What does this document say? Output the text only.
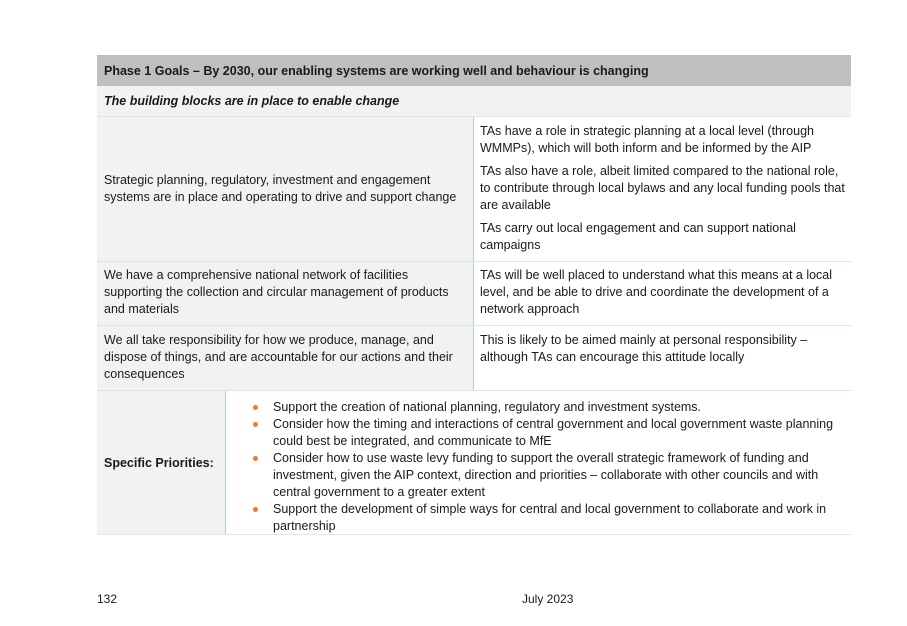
Phase 1 Goals – By 2030, our enabling systems are working well and behaviour is changing
The building blocks are in place to enable change
Strategic planning, regulatory, investment and engagement systems are in place and operating to drive and support change

TAs have a role in strategic planning at a local level (through WMMPs), which will both inform and be informed by the AIP

TAs also have a role, albeit limited compared to the national role, to contribute through local bylaws and any local funding pools that are available

TAs carry out local engagement and can support national campaigns

We have a comprehensive national network of facilities supporting the collection and circular management of products and materials
TAs will be well placed to understand what this means at a local level, and be able to drive and coordinate the development of a network approach
We all take responsibility for how we produce, manage, and dispose of things, and are accountable for our actions and their consequences
This is likely to be aimed mainly at personal responsibility – although TAs can encourage this attitude locally
Specific Priorities:
Support the creation of national planning, regulatory and investment systems.
Consider how the timing and interactions of central government and local government waste planning could best be integrated, and communicate to MfE
Consider how to use waste levy funding to support the overall strategic framework of funding and investment, given the AIP context, direction and priorities – collaborate with other councils and with central government to a greater extent
Support the development of simple ways for central and local government to collaborate and work in partnership
132	July 2023
